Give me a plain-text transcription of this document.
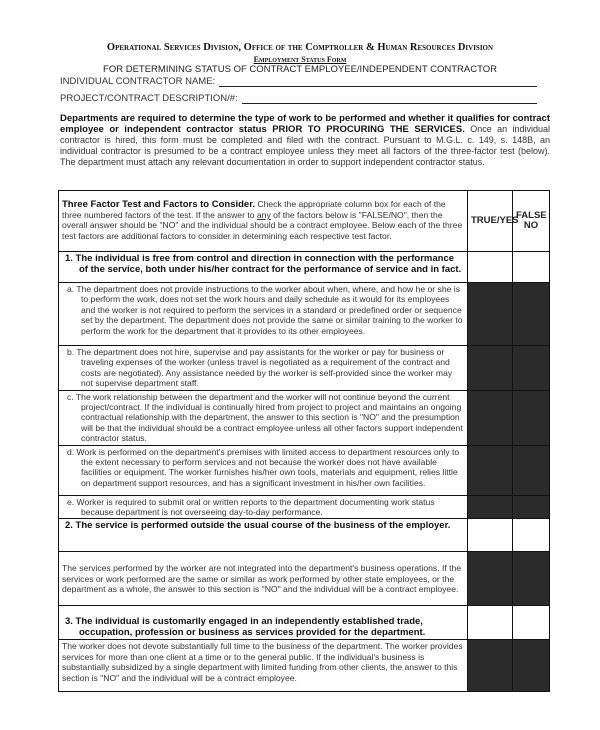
Operational Services Division, Office of the Comptroller & Human Resources Division
Employment Status Form
FOR DETERMINING STATUS OF CONTRACT EMPLOYEE/INDEPENDENT CONTRACTOR
INDIVIDUAL CONTRACTOR NAME:
PROJECT/CONTRACT DESCRIPTION/#:
Departments are required to determine the type of work to be performed and whether it qualifies for contract employee or independent contractor status PRIOR TO PROCURING THE SERVICES. Once an individual contractor is hired, this form must be completed and filed with the contract. Pursuant to M.G.L. c. 149, s. 148B, an individual contractor is presumed to be a contract employee unless they meet all factors of the three-factor test (below). The department must attach any relevant documentation in order to support independent contractor status.
Three Factor Test and Factors to Consider. Check the appropriate column box for each of the three numbered factors of the test. If the answer to any of the factors below is "FALSE/NO", then the overall answer should be "NO" and the individual should be a contract employee. Below each of the three test factors are additional factors to consider in determining each respective test factor.	TRUE/YES	FALSE NO
1. The individual is free from control and direction in connection with the performance of the service, both under his/her contract for the performance of service and in fact.		
a. The department does not provide instructions to the worker about when, where, and how he or she is to perform the work, does not set the work hours and daily schedule as it would for its employees and the worker is not required to perform the services in a standard or predefined order or sequence set by the department. The department does not provide the same or similar training to the worker to perform the work for the department that it provides to its other employees.		
b. The department does not hire, supervise and pay assistants for the worker or pay for business or traveling expenses of the worker (unless travel is negotiated as a requirement of the contract and costs are negotiated). Any assistance needed by the worker is self-provided since the worker may not supervise department staff.		
c. The work relationship between the department and the worker will not continue beyond the current project/contract. If the individual is continually hired from project to project and maintains an ongoing contractual relationship with the department, the answer to this section is "NO" and the presumption will be that the individual should be a contract employee unless all other factors support independent contractor status.		
d. Work is performed on the department's premises with limited access to department resources only to the extent necessary to perform services and not because the worker does not have available facilities or equipment. The worker furnishes his/her own tools, materials and equipment, relies little on department support resources, and has a significant investment in his/her own facilities.		
e. Worker is required to submit oral or written reports to the department documenting work status because department is not overseeing day-to-day performance.		
2. The service is performed outside the usual course of the business of the employer.		
The services performed by the worker are not integrated into the department's business operations. If the services or work performed are the same or similar as work performed by other state employees, or the department as a whole, the answer to this section is "NO" and the individual will be a contract employee.		
3. The individual is customarily engaged in an independently established trade, occupation, profession or business as services provided for the department.		
The worker does not devote substantially full time to the business of the department. The worker provides services for more than one client at a time or to the general public. If the individual's business is substantially subsidized by a single department with limited funding from other clients, the answer to this section is "NO" and the individual will be a contract employee.		
